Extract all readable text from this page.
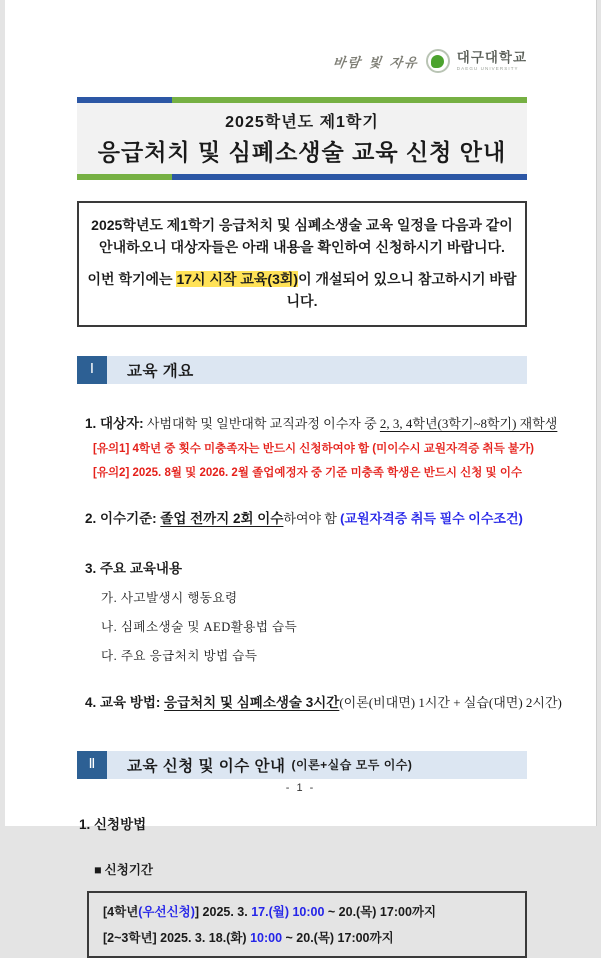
바람 빛 자유	대구대학교
DAEGU UNIVERSITY
2025학년도 제1학기
응급처치 및 심폐소생술 교육 신청 안내
2025학년도 제1학기 응급처치 및 심폐소생술 교육 일정을 다음과 같이
안내하오니 대상자들은 아래 내용을 확인하여 신청하시기 바랍니다.
이번 학기에는 17시 시작 교육(3회)이 개설되어 있으니 참고하시기 바랍니다.
Ⅰ	교육 개요
1. 대상자: 사범대학 및 일반대학 교직과정 이수자 중 2, 3, 4학년(3학기~8학기) 재학생
[유의1] 4학년 중 횟수 미충족자는 반드시 신청하여야 함 (미이수시 교원자격증 취득 불가)
[유의2] 2025. 8월 및 2026. 2월 졸업예정자 중 기준 미충족 학생은 반드시 신청 및 이수
2. 이수기준: 졸업 전까지 2회 이수하여야 함 (교원자격증 취득 필수 이수조건)
3. 주요 교육내용
가. 사고발생시 행동요령
나. 심폐소생술 및 AED활용법 습득
다. 주요 응급처치 방법 습득
4. 교육 방법: 응급처치 및 심폐소생술 3시간(이론(비대면) 1시간 + 실습(대면) 2시간)
Ⅱ	교육 신청 및 이수 안내 (이론+실습 모두 이수)
1. 신청방법
■ 신청기간
[4학년(우선신청)] 2025. 3. 17.(월) 10:00 ~ 20.(목) 17:00까지
[2~3학년] 2025. 3. 18.(화) 10:00 ~ 20.(목) 17:00까지
- 1 -
